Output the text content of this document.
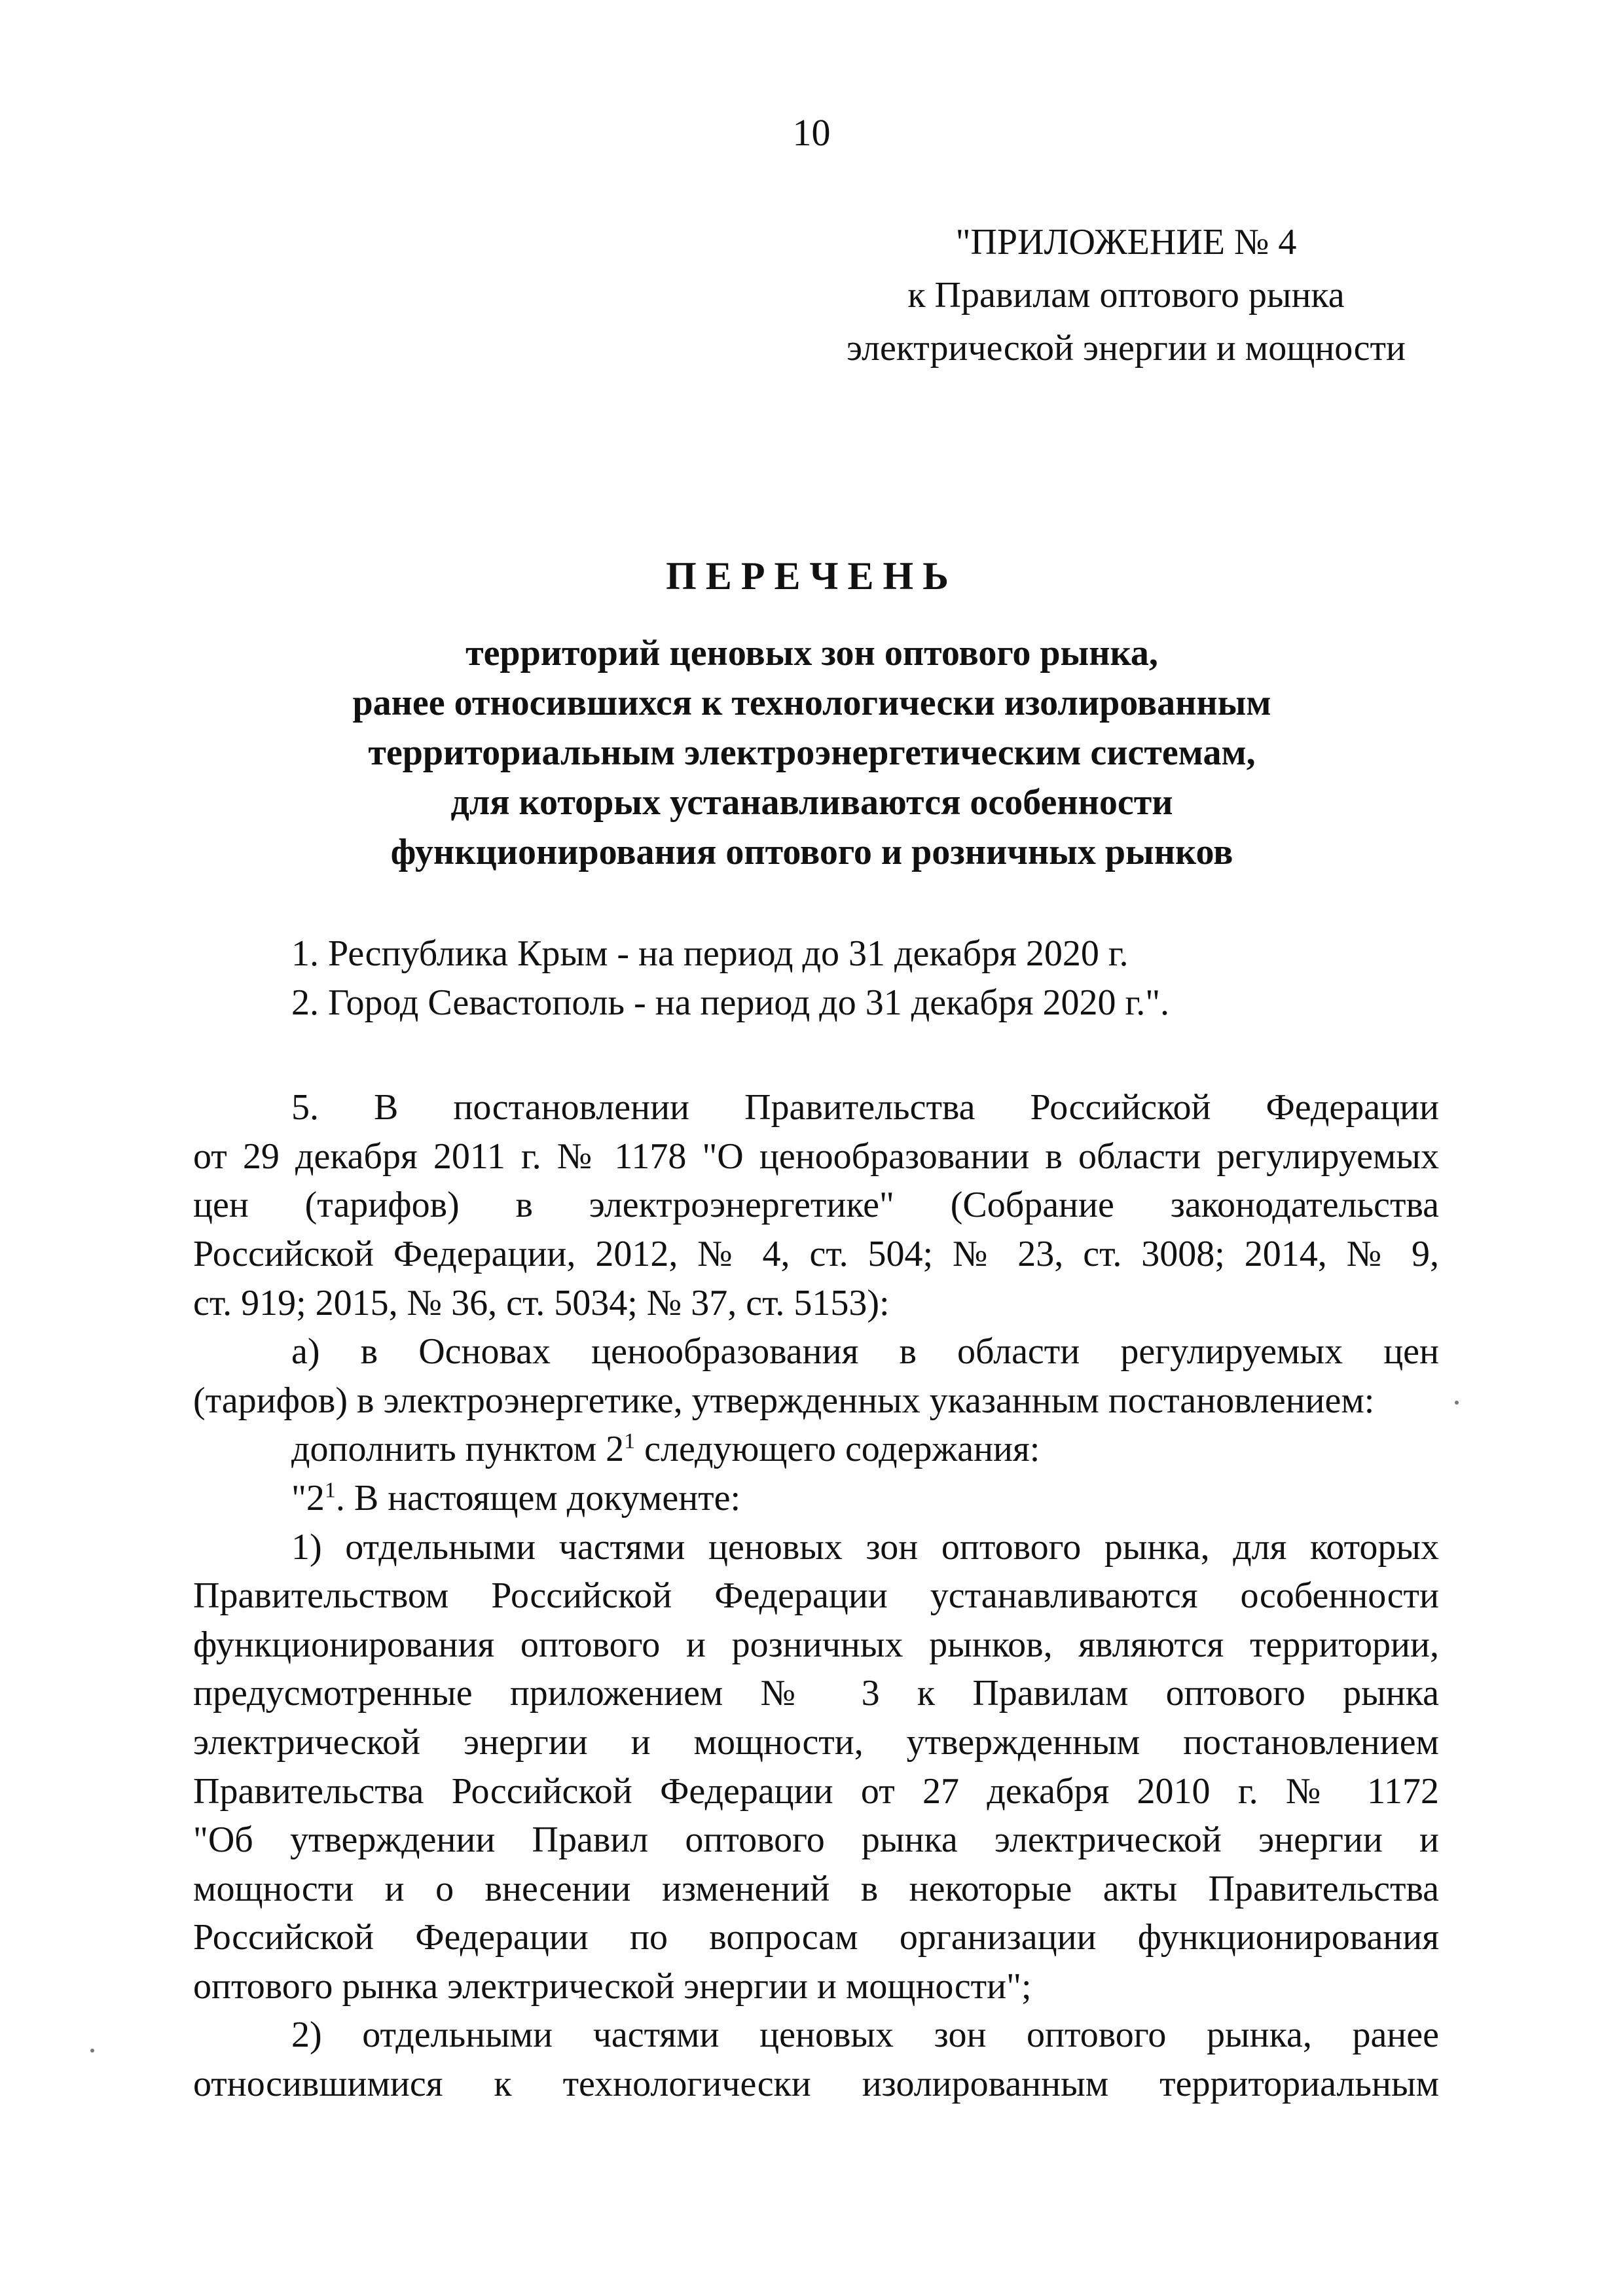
10
"ПРИЛОЖЕНИЕ № 4
к Правилам оптового рынка
электрической энергии и мощности
ПЕРЕЧЕНЬ
территорий ценовых зон оптового рынка,
ранее относившихся к технологически изолированным
территориальным электроэнергетическим системам,
для которых устанавливаются особенности
функционирования оптового и розничных рынков
1. Республика Крым - на период до 31 декабря 2020 г.
2. Город Севастополь - на период до 31 декабря 2020 г.".
5. В постановлении Правительства Российской Федерации
от 29 декабря 2011 г. № 1178 "О ценообразовании в области регулируемых
цен (тарифов) в электроэнергетике" (Собрание законодательства
Российской Федерации, 2012, № 4, ст. 504; № 23, ст. 3008; 2014, № 9,
ст. 919; 2015, № 36, ст. 5034; № 37, ст. 5153):
а) в Основах ценообразования в области регулируемых цен
(тарифов) в электроэнергетике, утвержденных указанным постановлением:
дополнить пунктом $2^1$ следующего содержания:
"$2^1$. В настоящем документе:
1) отдельными частями ценовых зон оптового рынка, для которых
Правительством Российской Федерации устанавливаются особенности
функционирования оптового и розничных рынков, являются территории,
предусмотренные приложением № 3 к Правилам оптового рынка
электрической энергии и мощности, утвержденным постановлением
Правительства Российской Федерации от 27 декабря 2010 г. № 1172
"Об утверждении Правил оптового рынка электрической энергии и
мощности и о внесении изменений в некоторые акты Правительства
Российской Федерации по вопросам организации функционирования
оптового рынка электрической энергии и мощности";
2) отдельными частями ценовых зон оптового рынка, ранее
относившимися к технологически изолированным территориальным
